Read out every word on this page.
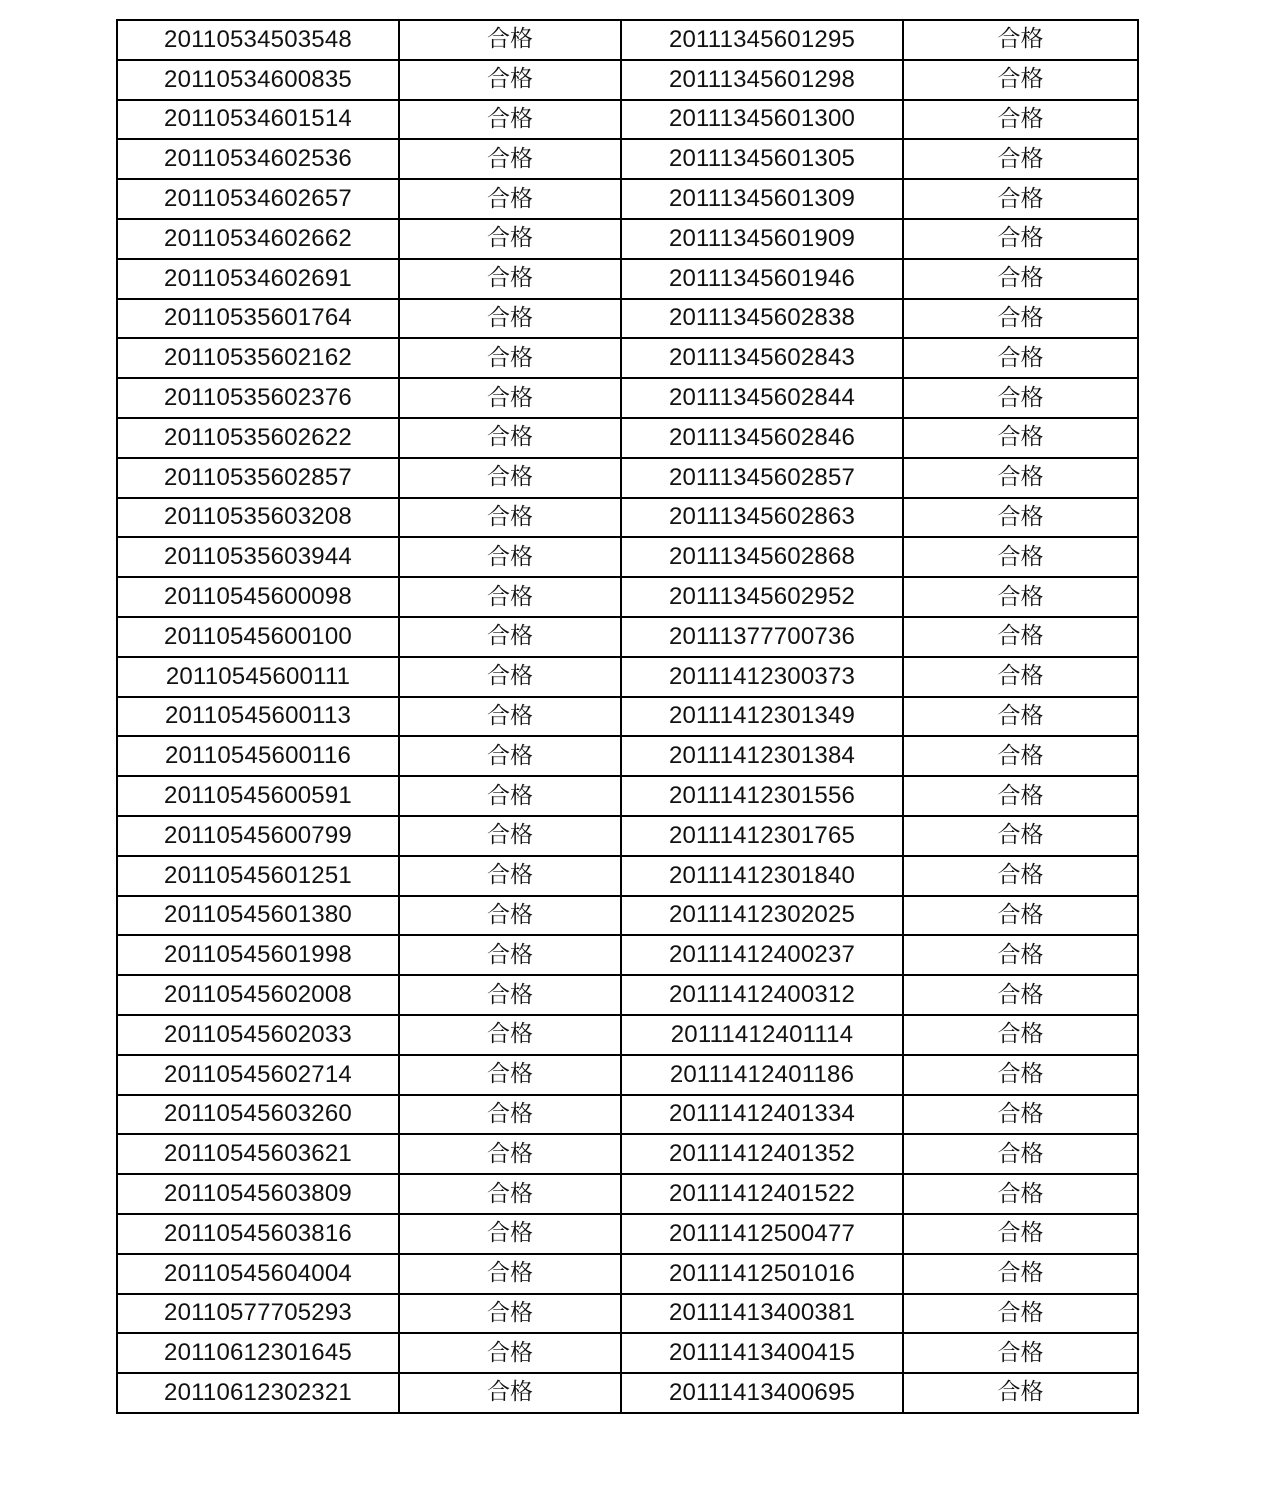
20110534503548	合格	20111345601295	合格
20110534600835	合格	20111345601298	合格
20110534601514	合格	20111345601300	合格
20110534602536	合格	20111345601305	合格
20110534602657	合格	20111345601309	合格
20110534602662	合格	20111345601909	合格
20110534602691	合格	20111345601946	合格
20110535601764	合格	20111345602838	合格
20110535602162	合格	20111345602843	合格
20110535602376	合格	20111345602844	合格
20110535602622	合格	20111345602846	合格
20110535602857	合格	20111345602857	合格
20110535603208	合格	20111345602863	合格
20110535603944	合格	20111345602868	合格
20110545600098	合格	20111345602952	合格
20110545600100	合格	20111377700736	合格
20110545600111	合格	20111412300373	合格
20110545600113	合格	20111412301349	合格
20110545600116	合格	20111412301384	合格
20110545600591	合格	20111412301556	合格
20110545600799	合格	20111412301765	合格
20110545601251	合格	20111412301840	合格
20110545601380	合格	20111412302025	合格
20110545601998	合格	20111412400237	合格
20110545602008	合格	20111412400312	合格
20110545602033	合格	20111412401114	合格
20110545602714	合格	20111412401186	合格
20110545603260	合格	20111412401334	合格
20110545603621	合格	20111412401352	合格
20110545603809	合格	20111412401522	合格
20110545603816	合格	20111412500477	合格
20110545604004	合格	20111412501016	合格
20110577705293	合格	20111413400381	合格
20110612301645	合格	20111413400415	合格
20110612302321	合格	20111413400695	合格
